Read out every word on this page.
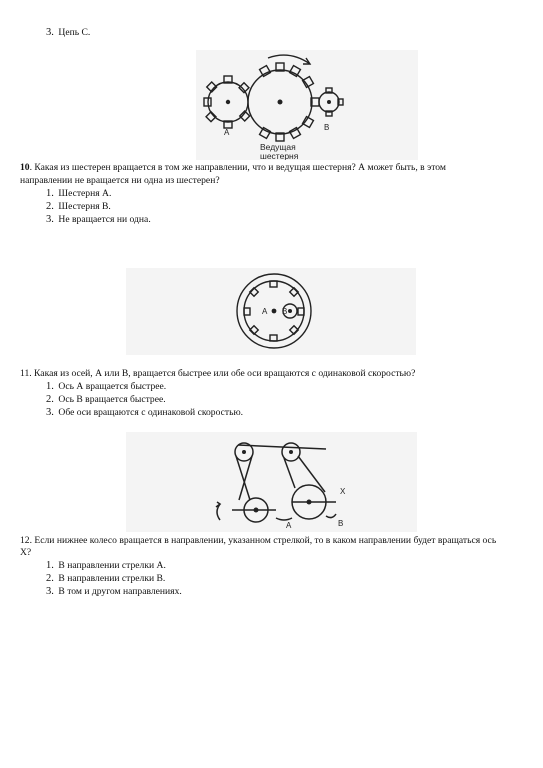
3. Цепь С.
A
B
Ведущая
шестерня
10. Какая из шестерен вращается в том же направлении, что и ведущая шестерня? А может быть, в этом
направлении не вращается ни одна из шестерен?
1. Шестерня А.
2. Шестерня В.
3. Не вращается ни одна.
A B
11. Какая из осей, А или В, вращается быстрее или обе оси вращаются с одинаковой скоростью?
1. Ось А вращается быстрее.
2. Ось В вращается быстрее.
3. Обе оси вращаются с одинаковой скоростью.
X
A	B
12. Если нижнее колесо вращается в направлении, указанном стрелкой, то в каком направлении будет вращаться ось
Х?
1. В направлении стрелки А.
2. В направлении стрелки В.
3. В том и другом направлениях.
